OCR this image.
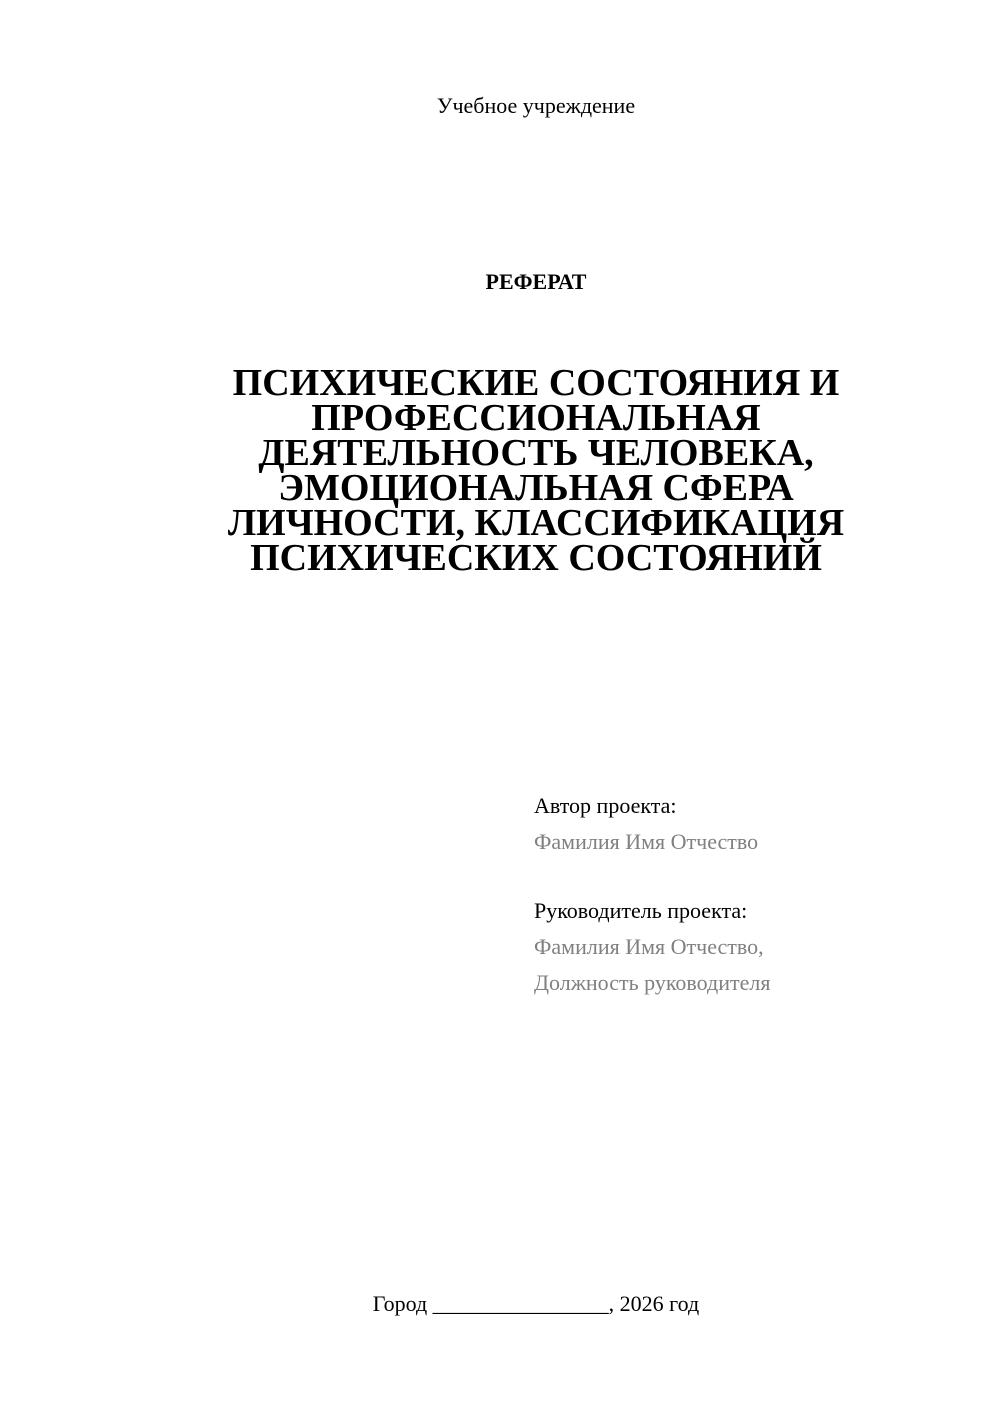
Учебное учреждение
РЕФЕРАТ
ПСИХИЧЕСКИЕ СОСТОЯНИЯ И
ПРОФЕССИОНАЛЬНАЯ
ДЕЯТЕЛЬНОСТЬ ЧЕЛОВЕКА,
ЭМОЦИОНАЛЬНАЯ СФЕРА
ЛИЧНОСТИ, КЛАССИФИКАЦИЯ
ПСИХИЧЕСКИХ СОСТОЯНИЙ
Автор проекта:
Фамилия Имя Отчество
Руководитель проекта:
Фамилия Имя Отчество,
Должность руководителя
Город ________________, 2026 год
